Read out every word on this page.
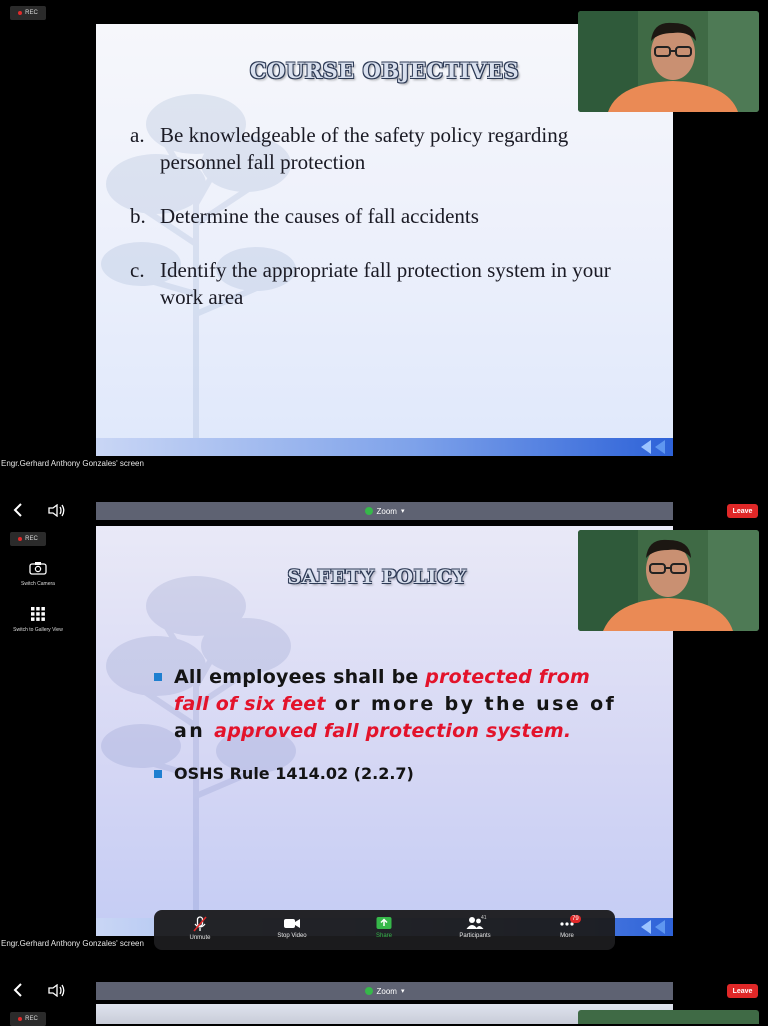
REC
COURSE OBJECTIVES
a. Be knowledgeable of the safety policy regarding personnel fall protection
b. Determine the causes of fall accidents
c. Identify the appropriate fall protection system in your work area
Engr.Gerhard Anthony Gonzales' screen
Zoom ▾	Leave
REC
Switch Camera
Switch to Gallery View
SAFETY POLICY
All employees shall be protected from fall of six feet or more by the use of an approved fall protection system.
OSHS Rule 1414.02 (2.2.7)
Unmute	Stop Video	Share
41
Participants
79
More
Engr.Gerhard Anthony Gonzales' screen
Zoom ▾	Leave
REC
